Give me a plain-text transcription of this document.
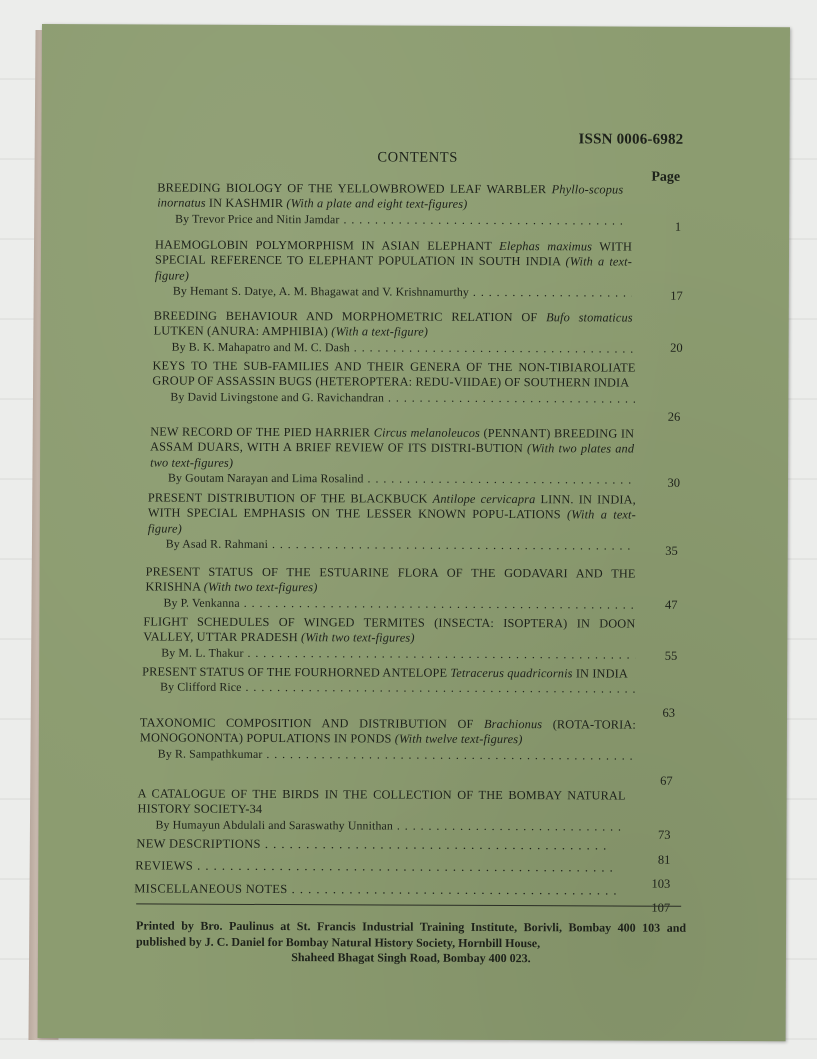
ISSN 0006-6982
CONTENTS
Page
BREEDING BIOLOGY OF THE YELLOWBROWED LEAF WARBLER Phyllo-scopus inornatus IN KASHMIR (With a plate and eight text-figures)
By Trevor Price and Nitin Jamdar . . .
1
HAEMOGLOBIN POLYMORPHISM IN ASIAN ELEPHANT Elephas maximus WITH SPECIAL REFERENCE TO ELEPHANT POPULATION IN SOUTH INDIA (With a text-figure)
By Hemant S. Datye, A. M. Bhagawat and V. Krishnamurthy . . .	17
BREEDING BEHAVIOUR AND MORPHOMETRIC RELATION OF Bufo stomaticus LUTKEN (ANURA: AMPHIBIA) (With a text-figure)
By B. K. Mahapatro and M. C. Dash . . .	20
KEYS TO THE SUB-FAMILIES AND THEIR GENERA OF THE NON-TIBIAROLIATE GROUP OF ASSASSIN BUGS (HETEROPTERA: REDU-VIIDAE) OF SOUTHERN INDIA
By David Livingstone and G. Ravichandran . . .
26
NEW RECORD OF THE PIED HARRIER Circus melanoleucos (PENNANT) BREEDING IN ASSAM DUARS, WITH A BRIEF REVIEW OF ITS DISTRI-BUTION (With two plates and two text-figures)
By Goutam Narayan and Lima Rosalind . . .	30
PRESENT DISTRIBUTION OF THE BLACKBUCK Antilope cervicapra LINN. IN INDIA, WITH SPECIAL EMPHASIS ON THE LESSER KNOWN POPU-LATIONS (With a text-figure)
By Asad R. Rahmani . . .	35
PRESENT STATUS OF THE ESTUARINE FLORA OF THE GODAVARI AND THE KRISHNA (With two text-figures)
By P. Venkanna . . .	47
FLIGHT SCHEDULES OF WINGED TERMITES (INSECTA: ISOPTERA) IN DOON VALLEY, UTTAR PRADESH (With two text-figures)
By M. L. Thakur . . .	55
PRESENT STATUS OF THE FOURHORNED ANTELOPE Tetracerus quadricornis IN INDIA
By Clifford Rice . . .
63
TAXONOMIC COMPOSITION AND DISTRIBUTION OF Brachionus (ROTA-TORIA: MONOGONONTA) POPULATIONS IN PONDS (With twelve text-figures)
By R. Sampathkumar . . .
67
A CATALOGUE OF THE BIRDS IN THE COLLECTION OF THE BOMBAY NATURAL HISTORY SOCIETY-34
By Humayun Abdulali and Saraswathy Unnithan . . .
73
NEW DESCRIPTIONS . . .
81
REVIEWS . . .
103
MISCELLANEOUS NOTES . . .
107
Printed by Bro. Paulinus at St. Francis Industrial Training Institute, Borivli, Bombay 400 103 and published by J. C. Daniel for Bombay Natural History Society, Hornbill House,
Shaheed Bhagat Singh Road, Bombay 400 023.
